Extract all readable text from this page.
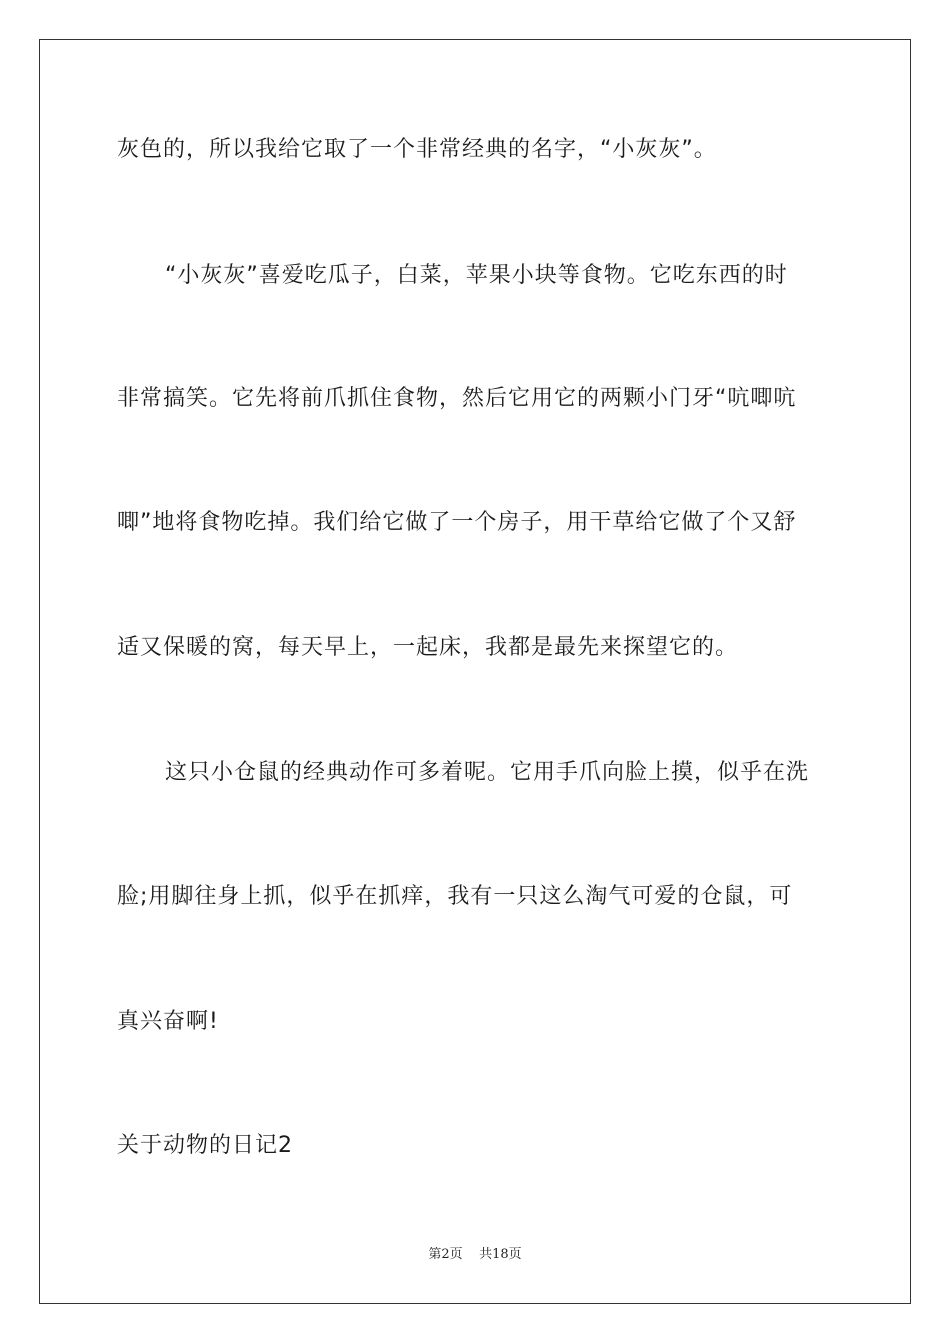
灰色的，所以我给它取了一个非常经典的名字，“小灰灰”。
“小灰灰”喜爱吃瓜子，白菜，苹果小块等食物。它吃东西的时
非常搞笑。它先将前爪抓住食物，然后它用它的两颗小门牙“吭唧吭
唧”地将食物吃掉。我们给它做了一个房子，用干草给它做了个又舒
适又保暖的窝，每天早上，一起床，我都是最先来探望它的。
这只小仓鼠的经典动作可多着呢。它用手爪向脸上摸，似乎在洗
脸;用脚往身上抓，似乎在抓痒，我有一只这么淘气可爱的仓鼠，可
真兴奋啊!
关于动物的日记2
第2页 共18页
